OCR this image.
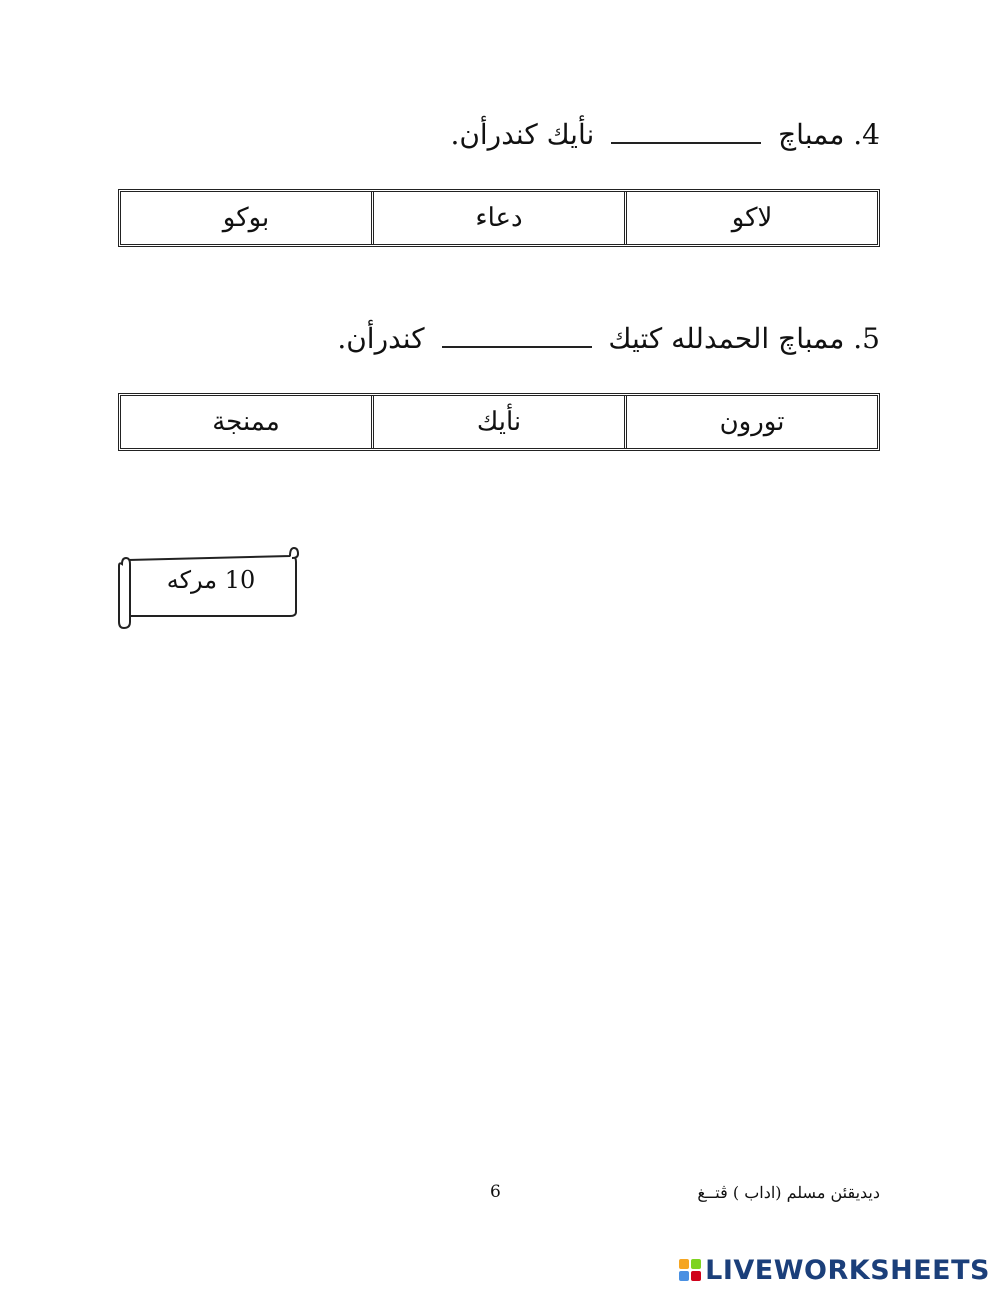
4. ممباچ  نأيك كندرأن.
لاكو
دعاء
بوكو
5. ممباچ الحمدلله كتيك  كندرأن.
تورون
نأيك
ممنجة
10 مركه
6	ديديقئن مسلم (اداب ) ڤتــغ
LIVEWORKSHEETS
